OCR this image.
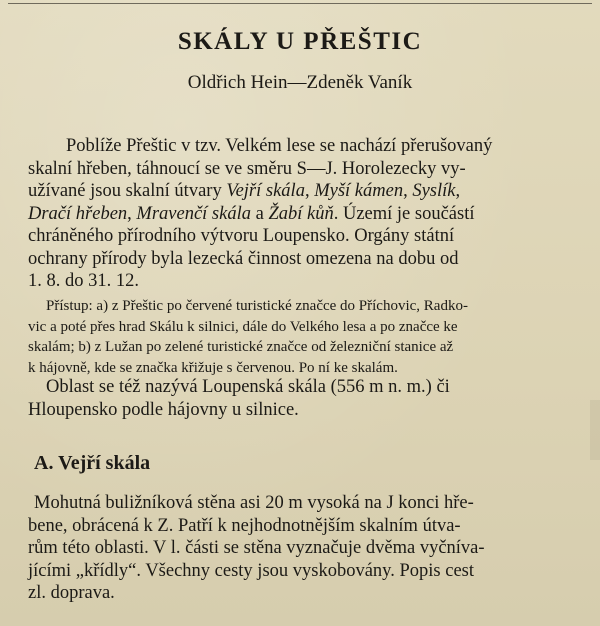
SKÁLY U PŘEŠTIC
Oldřich Hein—Zdeněk Vaník
Poblíže Přeštic v tzv. Velkém lese se nachází přerušovaný
skalní hřeben, táhnoucí se ve směru S—J. Horolezecky vy-
užívané jsou skalní útvary Vejří skála, Myší kámen, Syslík,
Dračí hřeben, Mravenčí skála a Žabí kůň. Území je součástí
chráněného přírodního výtvoru Loupensko. Orgány státní
ochrany přírody byla lezecká činnost omezena na dobu od
1. 8. do 31. 12.
Přístup: a) z Přeštic po červené turistické značce do Příchovic, Radko-
vic a poté přes hrad Skálu k silnici, dále do Velkého lesa a po značce ke
skalám; b) z Lužan po zelené turistické značce od železniční stanice až
k hájovně, kde se značka křižuje s červenou. Po ní ke skalám.
Oblast se též nazývá Loupenská skála (556 m n. m.) či
Hloupensko podle hájovny u silnice.
A. Vejří skála
Mohutná buližníková stěna asi 20 m vysoká na J konci hře-
bene, obrácená k Z. Patří k nejhodnotnějším skalním útva-
rům této oblasti. V l. části se stěna vyznačuje dvěma vyčníva-
jícími „křídly“. Všechny cesty jsou vyskobovány. Popis cest
zl. doprava.
